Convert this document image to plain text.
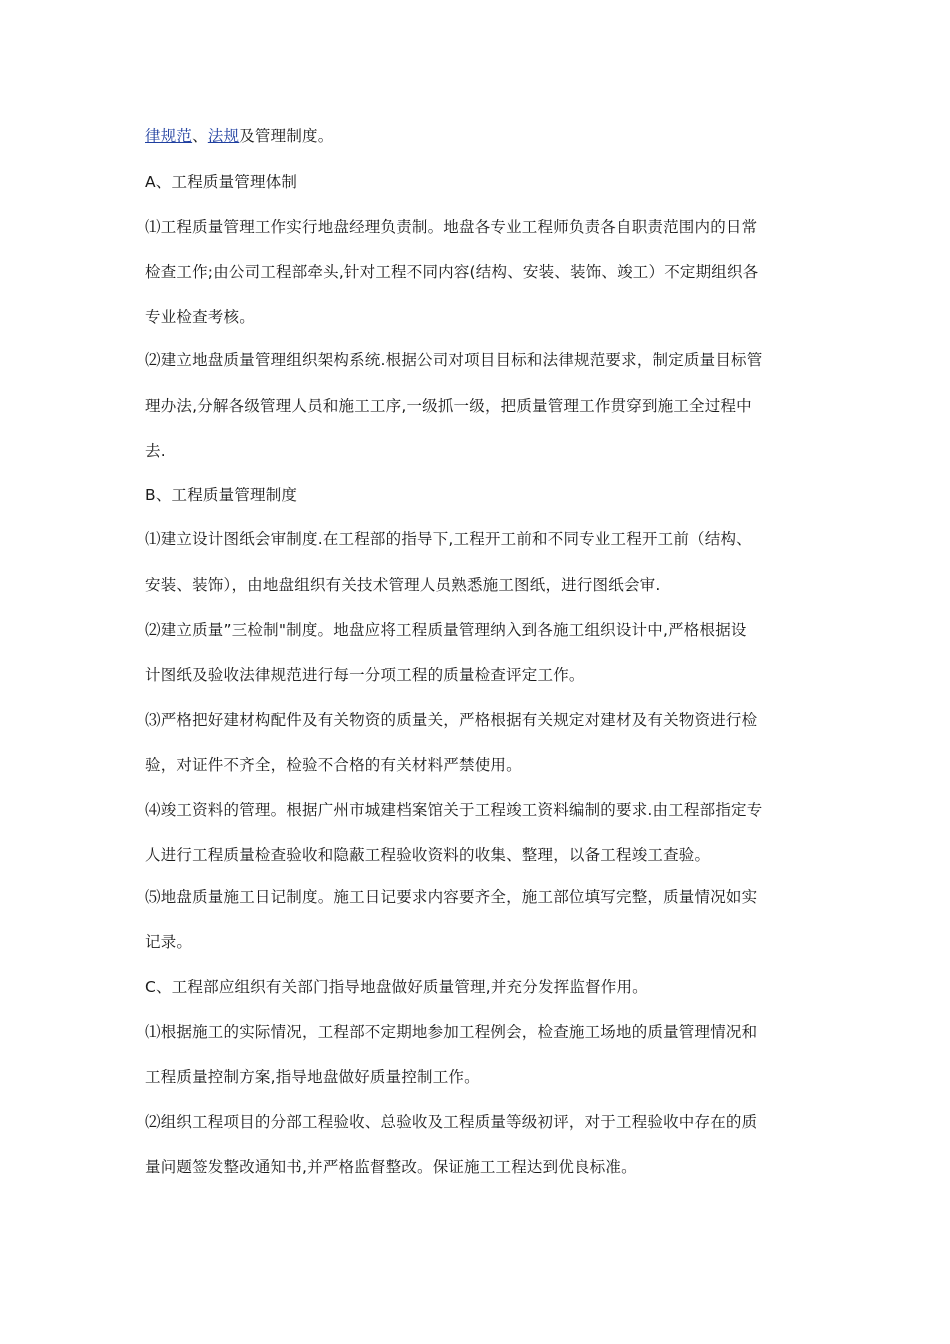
律规范、法规及管理制度。
A、工程质量管理体制
⑴工程质量管理工作实行地盘经理负责制。地盘各专业工程师负责各自职责范围内的日常
检查工作;由公司工程部牵头,针对工程不同内容(结构、安装、装饰、竣工）不定期组织各
专业检查考核。
⑵建立地盘质量管理组织架构系统.根据公司对项目目标和法律规范要求，制定质量目标管
理办法,分解各级管理人员和施工工序,一级抓一级，把质量管理工作贯穿到施工全过程中
去.
B、工程质量管理制度
⑴建立设计图纸会审制度.在工程部的指导下,工程开工前和不同专业工程开工前（结构、
安装、装饰），由地盘组织有关技术管理人员熟悉施工图纸，进行图纸会审.
⑵建立质量”三检制"制度。地盘应将工程质量管理纳入到各施工组织设计中,严格根据设
计图纸及验收法律规范进行每一分项工程的质量检查评定工作。
⑶严格把好建材构配件及有关物资的质量关，严格根据有关规定对建材及有关物资进行检
验，对证件不齐全，检验不合格的有关材料严禁使用。
⑷竣工资料的管理。根据广州市城建档案馆关于工程竣工资料编制的要求.由工程部指定专
人进行工程质量检查验收和隐蔽工程验收资料的收集、整理，以备工程竣工查验。
⑸地盘质量施工日记制度。施工日记要求内容要齐全，施工部位填写完整，质量情况如实
记录。
C、工程部应组织有关部门指导地盘做好质量管理,并充分发挥监督作用。
⑴根据施工的实际情况，工程部不定期地参加工程例会，检查施工场地的质量管理情况和
工程质量控制方案,指导地盘做好质量控制工作。
⑵组织工程项目的分部工程验收、总验收及工程质量等级初评，对于工程验收中存在的质
量问题签发整改通知书,并严格监督整改。保证施工工程达到优良标准。
